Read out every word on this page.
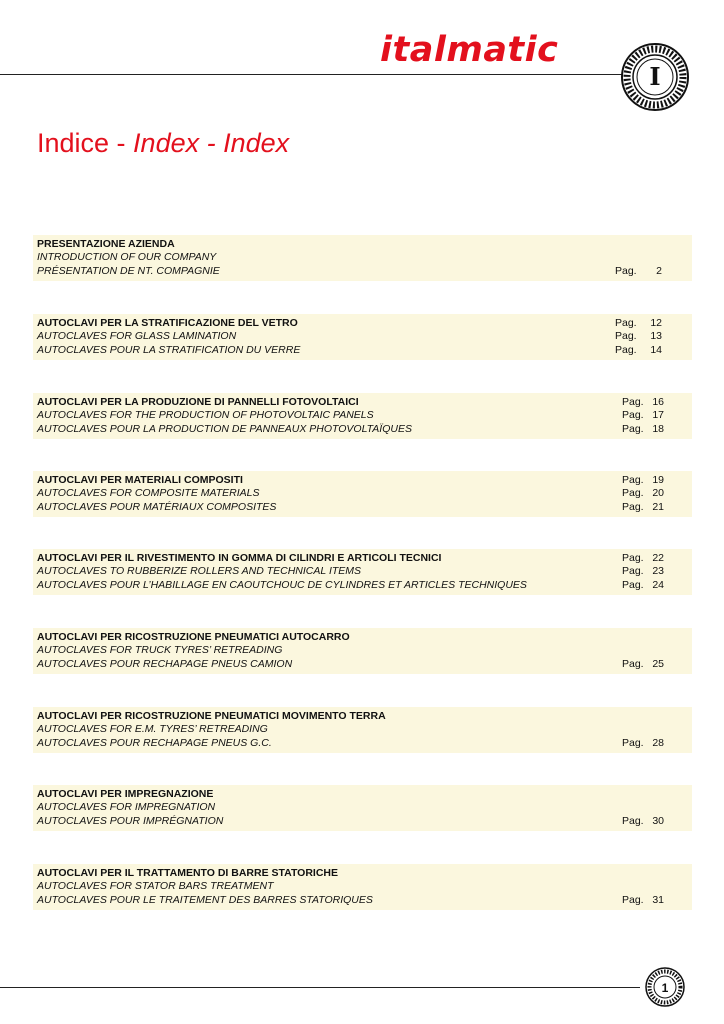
italmatic
I
Indice - Index - Index
PRESENTAZIONE AZIENDA
INTRODUCTION OF OUR COMPANY
PRÉSENTATION DE NT. COMPAGNIE	Pag. 2
AUTOCLAVI PER LA STRATIFICAZIONE DEL VETRO	Pag. 12
AUTOCLAVES FOR GLASS LAMINATION	Pag. 13
AUTOCLAVES POUR LA STRATIFICATION DU VERRE	Pag. 14
AUTOCLAVI PER LA PRODUZIONE DI PANNELLI FOTOVOLTAICI	Pag. 16
AUTOCLAVES FOR THE PRODUCTION OF PHOTOVOLTAIC PANELS	Pag. 17
AUTOCLAVES POUR LA PRODUCTION DE PANNEAUX PHOTOVOLTAÏQUES	Pag. 18
AUTOCLAVI PER MATERIALI COMPOSITI	Pag. 19
AUTOCLAVES FOR COMPOSITE MATERIALS	Pag. 20
AUTOCLAVES POUR MATÉRIAUX COMPOSITES	Pag. 21
AUTOCLAVI PER IL RIVESTIMENTO IN GOMMA DI CILINDRI E ARTICOLI TECNICI	Pag. 22
AUTOCLAVES TO RUBBERIZE ROLLERS AND TECHNICAL ITEMS	Pag. 23
AUTOCLAVES POUR L’HABILLAGE EN CAOUTCHOUC DE CYLINDRES ET ARTICLES TECHNIQUES	Pag. 24
AUTOCLAVI PER RICOSTRUZIONE PNEUMATICI AUTOCARRO
AUTOCLAVES FOR TRUCK TYRES’ RETREADING
AUTOCLAVES POUR RECHAPAGE PNEUS CAMION	Pag. 25
AUTOCLAVI PER RICOSTRUZIONE PNEUMATICI MOVIMENTO TERRA
AUTOCLAVES FOR E.M. TYRES’ RETREADING
AUTOCLAVES POUR RECHAPAGE PNEUS G.C.	Pag. 28
AUTOCLAVI PER IMPREGNAZIONE
AUTOCLAVES FOR IMPREGNATION
AUTOCLAVES POUR IMPRÉGNATION	Pag. 30
AUTOCLAVI PER IL TRATTAMENTO DI BARRE STATORICHE
AUTOCLAVES FOR STATOR BARS TREATMENT
AUTOCLAVES POUR LE TRAITEMENT DES BARRES STATORIQUES	Pag. 31
1
